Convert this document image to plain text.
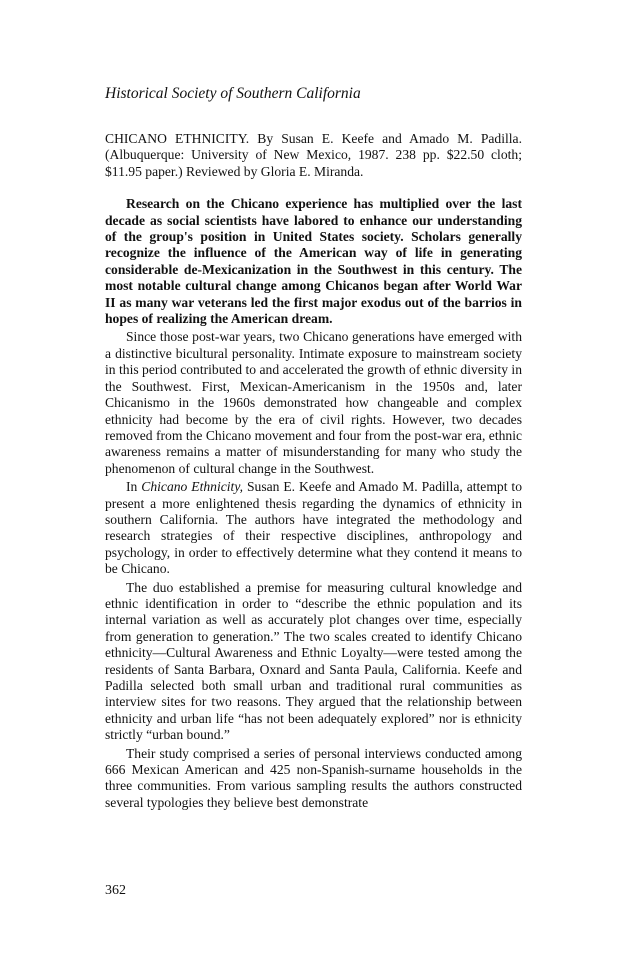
Historical Society of Southern California

CHICANO ETHNICITY. By Susan E. Keefe and Amado M. Padilla. (Albuquerque: University of New Mexico, 1987. 238 pp. $22.50 cloth; $11.95 paper.) Reviewed by Gloria E. Miranda.

Research on the Chicano experience has multiplied over the last decade as social scientists have labored to enhance our understanding of the group's position in United States society. Scholars generally recognize the influence of the American way of life in generating considerable de-Mexicanization in the Southwest in this century. The most notable cultural change among Chicanos began after World War II as many war veterans led the first major exodus out of the barrios in hopes of realizing the American dream.

Since those post-war years, two Chicano generations have emerged with a distinctive bicultural personality. Intimate exposure to mainstream society in this period contributed to and accelerated the growth of ethnic diversity in the Southwest. First, Mexican-Americanism in the 1950s and, later Chicanismo in the 1960s demonstrated how changeable and complex ethnicity had become by the era of civil rights. However, two decades removed from the Chicano movement and four from the post-war era, ethnic awareness remains a matter of misunderstanding for many who study the phenomenon of cultural change in the Southwest.

In Chicano Ethnicity, Susan E. Keefe and Amado M. Padilla, attempt to present a more enlightened thesis regarding the dynamics of ethnicity in southern California. The authors have integrated the methodology and research strategies of their respective disciplines, anthropology and psychology, in order to effectively determine what they contend it means to be Chicano.

The duo established a premise for measuring cultural knowledge and ethnic identification in order to “describe the ethnic population and its internal variation as well as accurately plot changes over time, especially from generation to generation.” The two scales created to identify Chicano ethnicity—Cultural Awareness and Ethnic Loyalty—were tested among the residents of Santa Barbara, Oxnard and Santa Paula, California. Keefe and Padilla selected both small urban and traditional rural communities as interview sites for two reasons. They argued that the relationship between ethnicity and urban life “has not been adequately explored” nor is ethnicity strictly “urban bound.”

Their study comprised a series of personal interviews conducted among 666 Mexican American and 425 non-Spanish-surname households in the three communities. From various sampling results the authors constructed several typologies they believe best demonstrate

362
